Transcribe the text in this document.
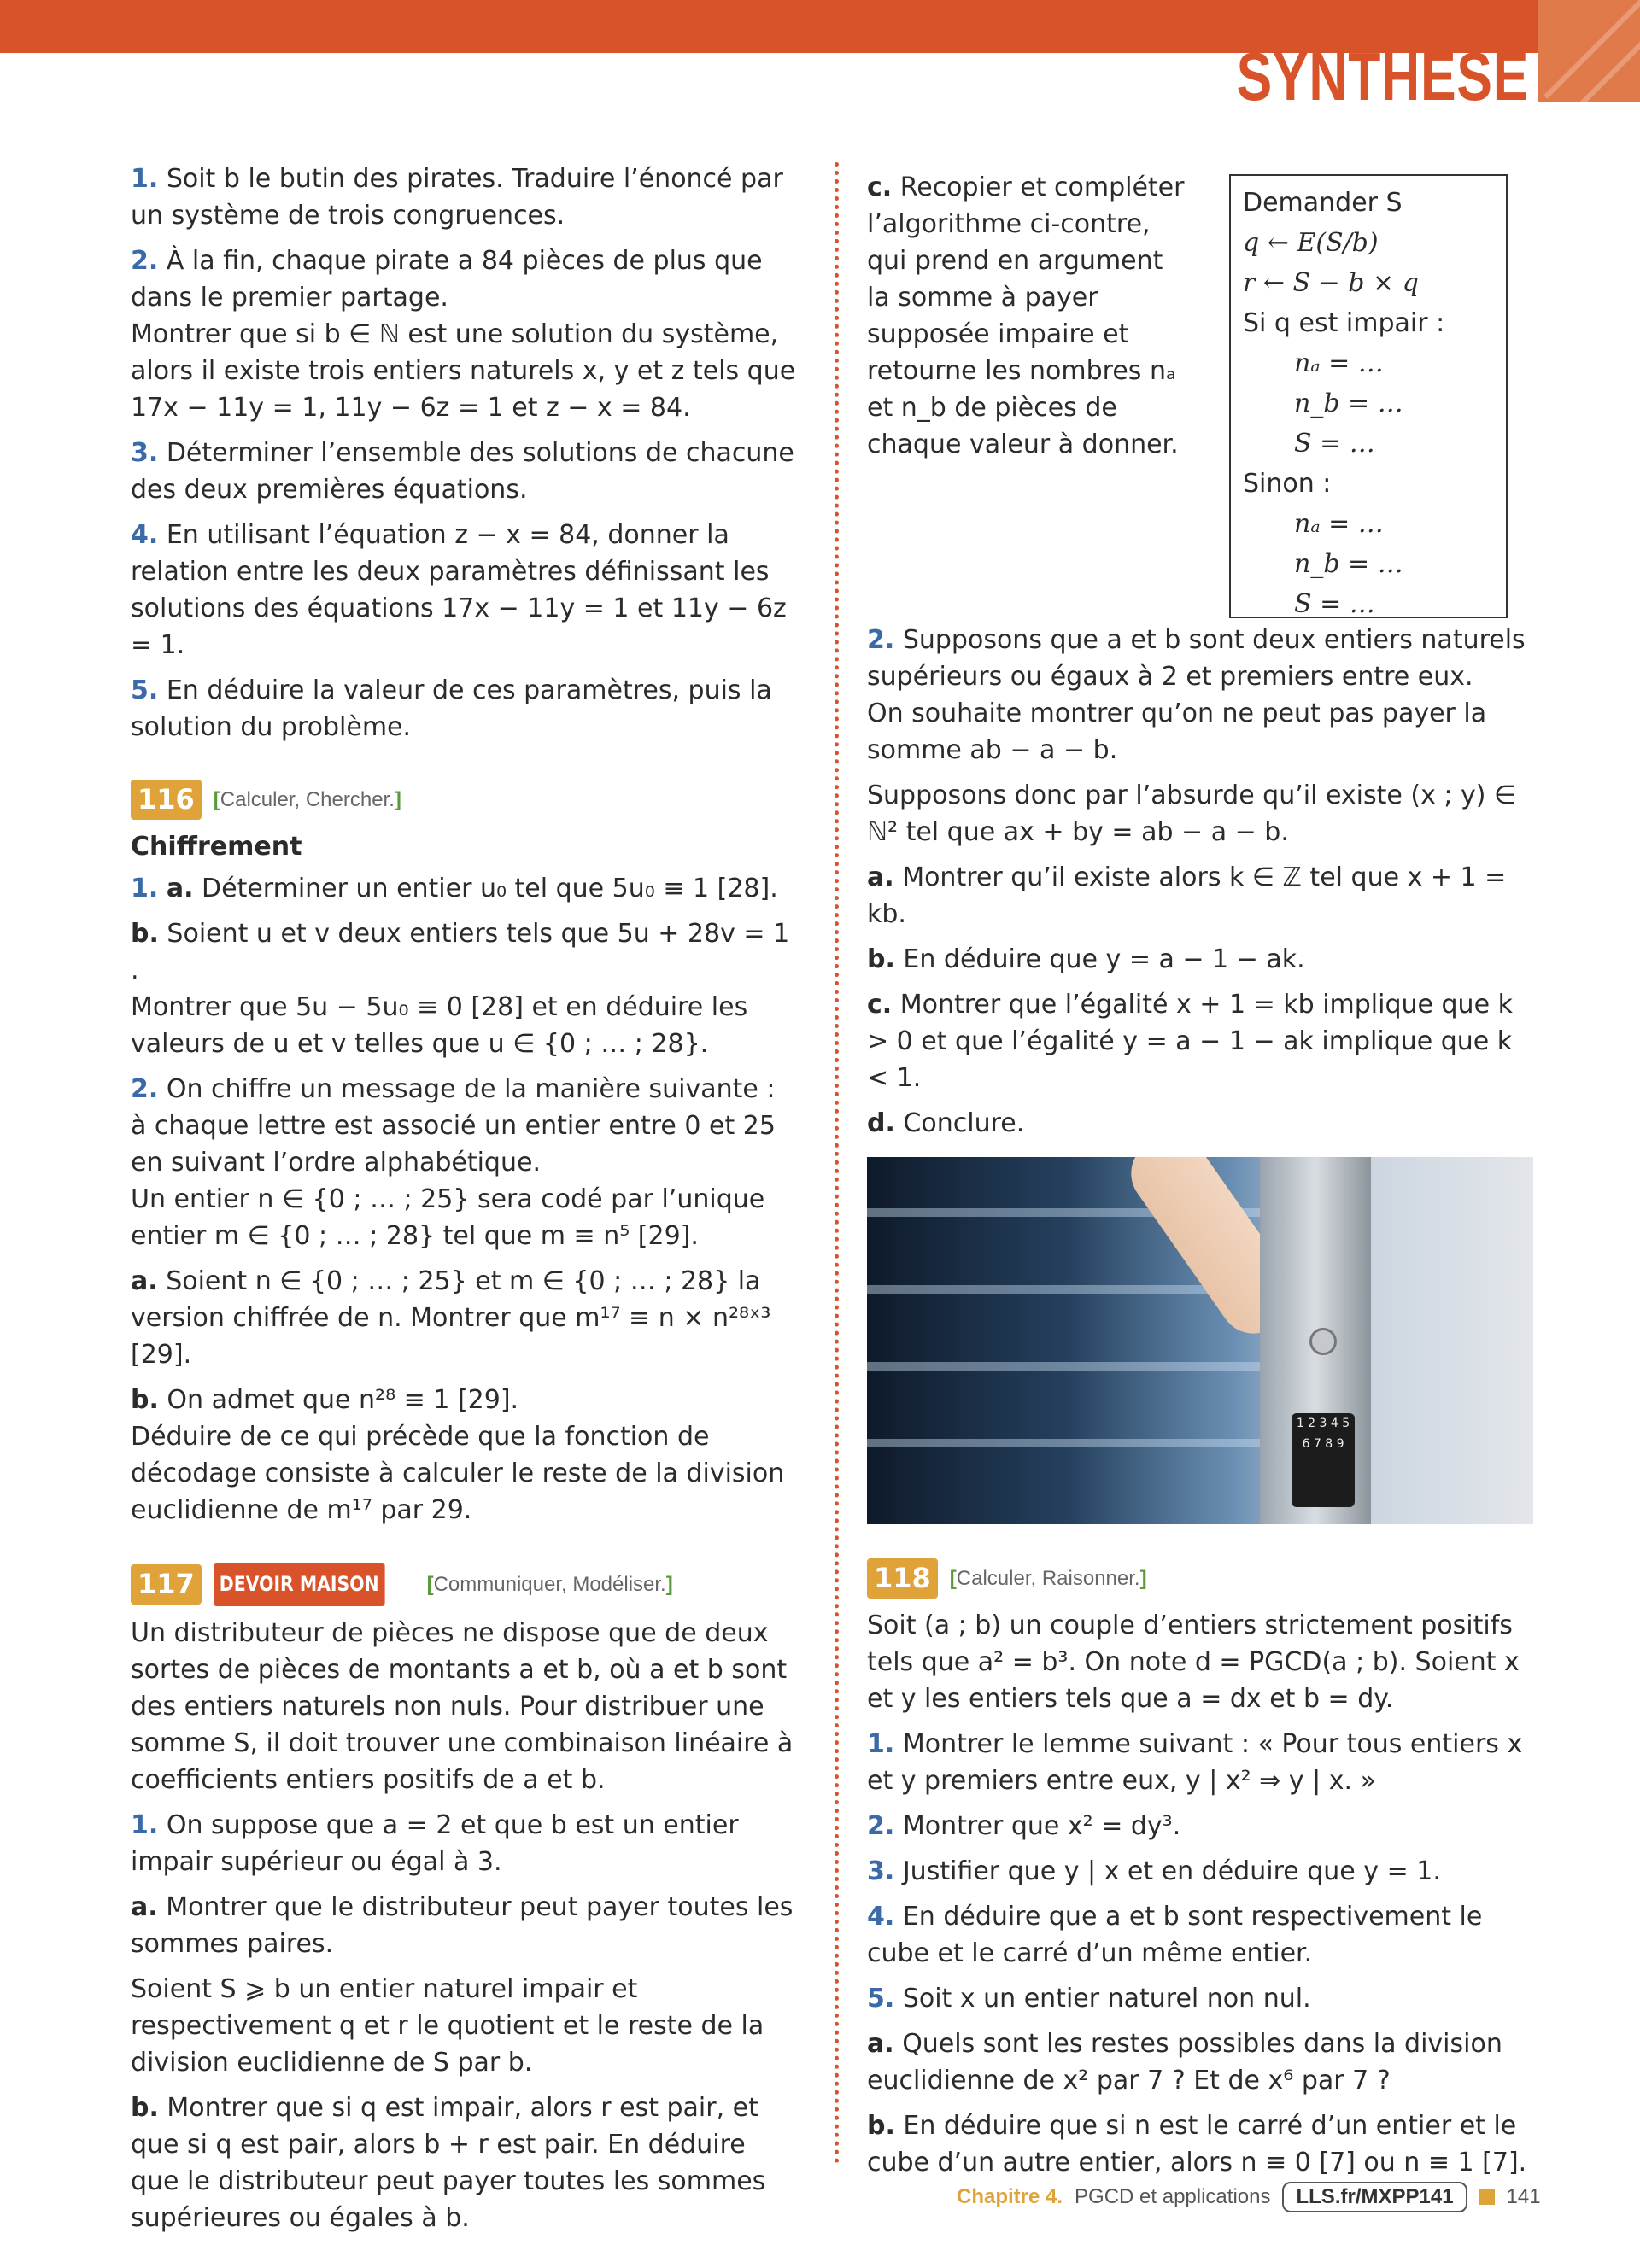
SYNTHÈSE

1. Soit b le butin des pirates. Traduire l’énoncé par un système de trois congruences.

2. À la fin, chaque pirate a 84 pièces de plus que dans le premier partage.
Montrer que si b ∈ ℕ est une solution du système, alors il existe trois entiers naturels x, y et z tels que 17x − 11y = 1, 11y − 6z = 1 et z − x = 84.

3. Déterminer l’ensemble des solutions de chacune des deux premières équations.

4. En utilisant l’équation z − x = 84, donner la relation entre les deux paramètres définissant les solutions des équations 17x − 11y = 1 et 11y − 6z = 1.

5. En déduire la valeur de ces paramètres, puis la solution du problème.

116 [Calculer, Chercher.]
Chiffrement

1. a. Déterminer un entier u₀ tel que 5u₀ ≡ 1 [28].

b. Soient u et v deux entiers tels que 5u + 28v = 1 .
Montrer que 5u − 5u₀ ≡ 0 [28] et en déduire les valeurs de u et v telles que u ∈ {0 ; … ; 28}.

2. On chiffre un message de la manière suivante : à chaque lettre est associé un entier entre 0 et 25 en suivant l’ordre alphabétique.
Un entier n ∈ {0 ; … ; 25} sera codé par l’unique entier m ∈ {0 ; … ; 28} tel que m ≡ n⁵ [29].

a. Soient n ∈ {0 ; … ; 25} et m ∈ {0 ; … ; 28} la version chiffrée de n. Montrer que m¹⁷ ≡ n × n²⁸ˣ³ [29].

b. On admet que n²⁸ ≡ 1 [29].
Déduire de ce qui précède que la fonction de décodage consiste à calculer le reste de la division euclidienne de m¹⁷ par 29.

117	DEVOIR MAISON [Communiquer, Modéliser.]

Un distributeur de pièces ne dispose que de deux sortes de pièces de montants a et b, où a et b sont des entiers naturels non nuls. Pour distribuer une somme S, il doit trouver une combinaison linéaire à coefficients entiers positifs de a et b.

1. On suppose que a = 2 et que b est un entier impair supérieur ou égal à 3.

a. Montrer que le distributeur peut payer toutes les sommes paires.

Soient S ⩾ b un entier naturel impair et respectivement q et r le quotient et le reste de la division euclidienne de S par b.

b. Montrer que si q est impair, alors r est pair, et que si q est pair, alors b + r est pair. En déduire que le distributeur peut payer toutes les sommes supérieures ou égales à b.

c. Recopier et compléter l’algorithme ci-contre, qui prend en argument la somme à payer supposée impaire et retourne les nombres nₐ et n_b de pièces de chaque valeur à donner.
Demander S
q ← E(S/b)
r ← S − b × q
Si q est impair :
nₐ = …
n_b = …
S = …
Sinon :
nₐ = …
n_b = …
S = …

2. Supposons que a et b sont deux entiers naturels supérieurs ou égaux à 2 et premiers entre eux.
On souhaite montrer qu’on ne peut pas payer la somme ab − a − b.

Supposons donc par l’absurde qu’il existe (x ; y) ∈ ℕ² tel que ax + by = ab − a − b.

a. Montrer qu’il existe alors k ∈ ℤ tel que x + 1 = kb.

b. En déduire que y = a − 1 − ak.

c. Montrer que l’égalité x + 1 = kb implique que k > 0 et que l’égalité y = a − 1 − ak implique que k < 1.

d. Conclure.

1 2 3 4 5 6 7 8 9
118 [Calculer, Raisonner.]

Soit (a ; b) un couple d’entiers strictement positifs tels que a² = b³. On note d = PGCD(a ; b). Soient x et y les entiers tels que a = dx et b = dy.

1. Montrer le lemme suivant : « Pour tous entiers x et y premiers entre eux, y | x² ⇒ y | x. »

2. Montrer que x² = dy³.

3. Justifier que y | x et en déduire que y = 1.

4. En déduire que a et b sont respectivement le cube et le carré d’un même entier.

5. Soit x un entier naturel non nul.

a. Quels sont les restes possibles dans la division euclidienne de x² par 7 ? Et de x⁶ par 7 ?

b. En déduire que si n est le carré d’un entier et le cube d’un autre entier, alors n ≡ 0 [7] ou n ≡ 1 [7].

Chapitre 4. PGCD et applications	LLS.fr/MXPP141	141
